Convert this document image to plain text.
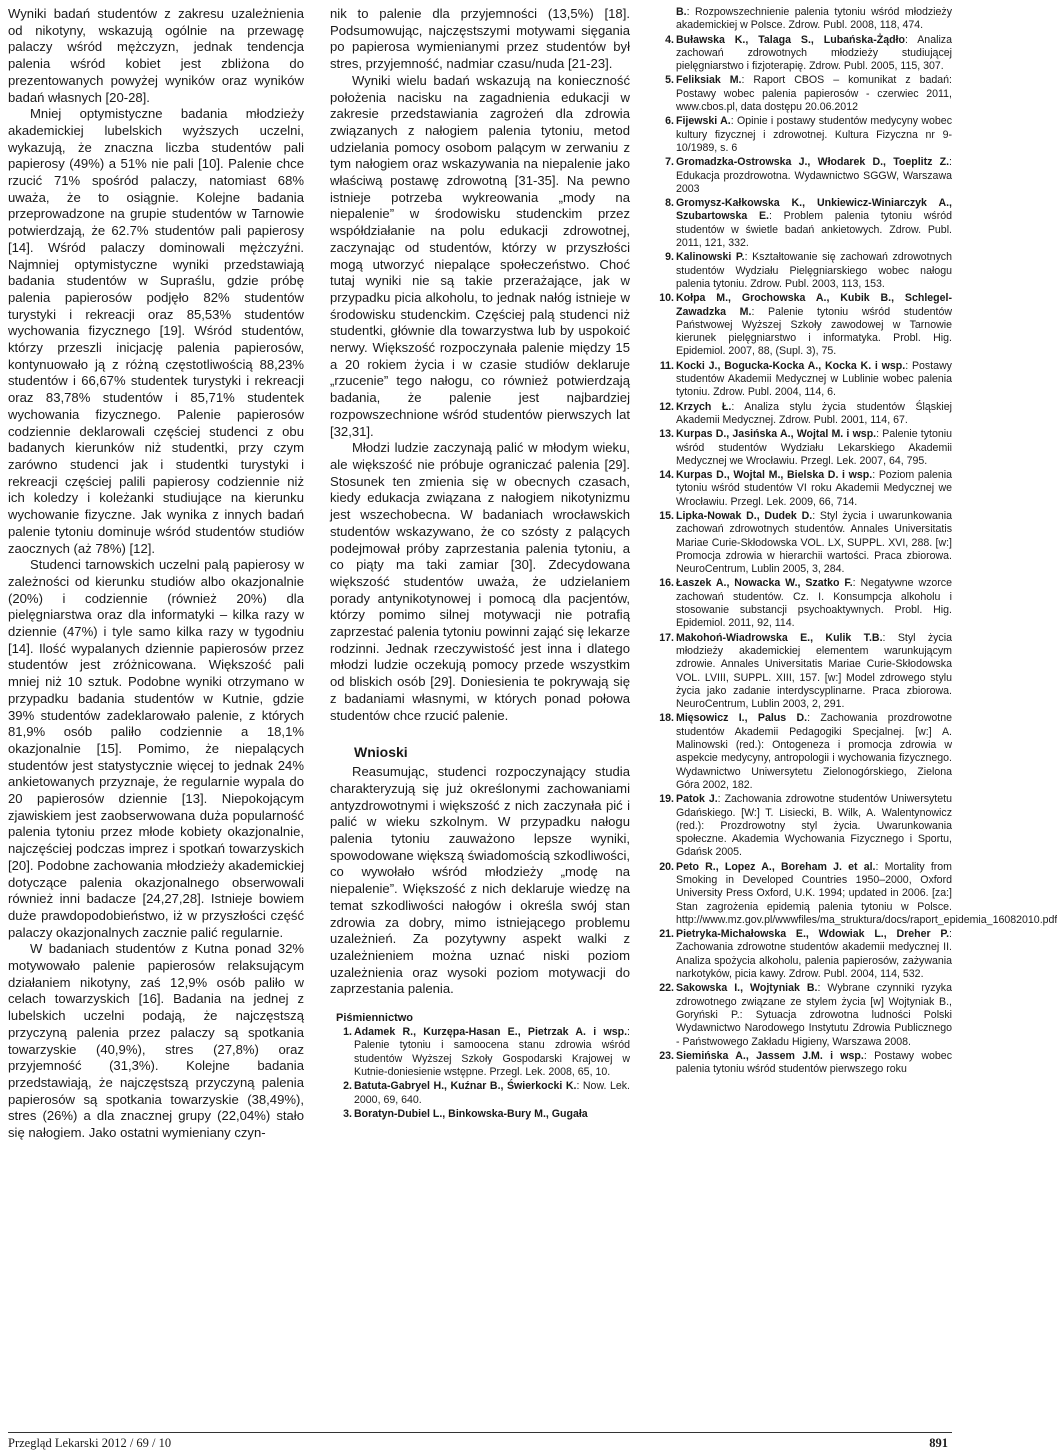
Wyniki badań studentów z zakresu uzależnienia od nikotyny, wskazują ogólnie na przewagę palaczy wśród mężczyzn, jednak tendencja palenia wśród kobiet jest zbliżona do prezentowanych powyżej wyników oraz wyników badań własnych [20-28].

Mniej optymistyczne badania młodzieży akademickiej lubelskich wyższych uczelni, wykazują, że znaczna liczba studentów pali papierosy (49%) a 51% nie pali [10]. Palenie chce rzucić 71% spośród palaczy, natomiast 68% uważa, że to osiągnie. Kolejne badania przeprowadzone na grupie studentów w Tarnowie potwierdzają, że 62.7% studentów pali papierosy [14]. Wśród palaczy dominowali mężczyźni. Najmniej optymistyczne wyniki przedstawiają badania studentów w Supraślu, gdzie próbę palenia papierosów podjęło 82% studentów turystyki i rekreacji oraz 85,53% studentów wychowania fizycznego [19]. Wśród studentów, którzy przeszli inicjację palenia papierosów, kontynuowało ją z różną częstotliwością 88,23% studentów i 66,67% studentek turystyki i rekreacji oraz 83,78% studentów i 85,71% studentek wychowania fizycznego. Palenie papierosów codziennie deklarowali częściej studenci z obu badanych kierunków niż studentki, przy czym zarówno studenci jak i studentki turystyki i rekreacji częściej palili papierosy codziennie niż ich koledzy i koleżanki studiujące na kierunku wychowanie fizyczne. Jak wynika z innych badań palenie tytoniu dominuje wśród studentów studiów zaocznych (aż 78%) [12].

Studenci tarnowskich uczelni palą papierosy w zależności od kierunku studiów albo okazjonalnie (20%) i codziennie (również 20%) dla pielęgniarstwa oraz dla informatyki – kilka razy w dziennie (47%) i tyle samo kilka razy w tygodniu [14]. Ilość wypalanych dziennie papierosów przez studentów jest zróżnicowana. Większość pali mniej niż 10 sztuk. Podobne wyniki otrzymano w przypadku badania studentów w Kutnie, gdzie 39% studentów zadeklarowało palenie, z których 81,9% osób paliło codziennie a 18,1% okazjonalnie [15]. Pomimo, że niepalących studentów jest statystycznie więcej to jednak 24% ankietowanych przyznaje, że regularnie wypala do 20 papierosów dziennie [13]. Niepokojącym zjawiskiem jest zaobserwowana duża popularność palenia tytoniu przez młode kobiety okazjonalnie, najczęściej podczas imprez i spotkań towarzyskich [20]. Podobne zachowania młodzieży akademickiej dotyczące palenia okazjonalnego obserwowali również inni badacze [24,27,28]. Istnieje bowiem duże prawdopodobieństwo, iż w przyszłości część palaczy okazjonalnych zacznie palić regularnie.

W badaniach studentów z Kutna ponad 32% motywowało palenie papierosów relaksującym działaniem nikotyny, zaś 12,9% osób paliło w celach towarzyskich [16]. Badania na jednej z lubelskich uczelni podają, że najczęstszą przyczyną palenia przez palaczy są spotkania towarzyskie (40,9%), stres (27,8%) oraz przyjemność (31,3%). Kolejne badania przedstawiają, że najczęstszą przyczyną palenia papierosów są spotkania towarzyskie (38,49%), stres (26%) a dla znacznej grupy (22,04%) stało się nałogiem. Jako ostatni wymieniany czyn-

nik to palenie dla przyjemności (13,5%) [18]. Podsumowując, najczęstszymi motywami sięgania po papierosa wymienianymi przez studentów był stres, przyjemność, nadmiar czasu/nuda [21-23].

Wyniki wielu badań wskazują na konieczność położenia nacisku na zagadnienia edukacji w zakresie przedstawiania zagrożeń dla zdrowia związanych z nałogiem palenia tytoniu, metod udzielania pomocy osobom palącym w zerwaniu z tym nałogiem oraz wskazywania na niepalenie jako właściwą postawę zdrowotną [31-35]. Na pewno istnieje potrzeba wykreowania „mody na niepalenie” w środowisku studenckim przez współdziałanie na polu edukacji zdrowotnej, zaczynając od studentów, którzy w przyszłości mogą utworzyć niepalące społeczeństwo. Choć tutaj wyniki nie są takie przerażające, jak w przypadku picia alkoholu, to jednak nałóg istnieje w środowisku studenckim. Częściej palą studenci niż studentki, głównie dla towarzystwa lub by uspokoić nerwy. Większość rozpoczynała palenie między 15 a 20 rokiem życia i w czasie studiów deklaruje „rzucenie” tego nałogu, co również potwierdzają badania, że palenie jest najbardziej rozpowszechnione wśród studentów pierwszych lat [32,31].

Młodzi ludzie zaczynają palić w młodym wieku, ale większość nie próbuje ograniczać palenia [29]. Stosunek ten zmienia się w obecnych czasach, kiedy edukacja związana z nałogiem nikotynizmu jest wszechobecna. W badaniach wrocławskich studentów wskazywano, że co szósty z palących podejmował próby zaprzestania palenia tytoniu, a co piąty ma taki zamiar [30]. Zdecydowana większość studentów uważa, że udzielaniem porady antynikotynowej i pomocą dla pacjentów, którzy pomimo silnej motywacji nie potrafią zaprzestać palenia tytoniu powinni zająć się lekarze rodzinni. Jednak rzeczywistość jest inna i dlatego młodzi ludzie oczekują pomocy przede wszystkim od bliskich osób [29]. Doniesienia te pokrywają się z badaniami własnymi, w których ponad połowa studentów chce rzucić palenie.

Wnioski

Reasumując, studenci rozpoczynający studia charakteryzują się już określonymi zachowaniami antyzdrowotnymi i większość z nich zaczynała pić i palić w wieku szkolnym. W przypadku nałogu palenia tytoniu zauważono lepsze wyniki, spowodowane większą świadomością szkodliwości, co wywołało wśród młodzieży „modę na niepalenie”. Większość z nich deklaruje wiedzę na temat szkodliwości nałogów i określa swój stan zdrowia za dobry, mimo istniejącego problemu uzależnień. Za pozytywny aspekt walki z uzależnieniem można uznać niski poziom uzależnienia oraz wysoki poziom motywacji do zaprzestania palenia.

Piśmiennictwo

1. Adamek R., Kurzępa-Hasan E., Pietrzak A. i wsp.: Palenie tytoniu i samoocena stanu zdrowia wśród studentów Wyższej Szkoły Gospodarski Krajowej w Kutnie-doniesienie wstępne. Przegl. Lek. 2008, 65, 10.

2. Batuta-Gabryel H., Kuźnar B., Świerkocki K.: Now. Lek. 2000, 69, 640.

3. Boratyn-Dubiel L., Binkowska-Bury M., Gugała

B.: Rozpowszechnienie palenia tytoniu wśród młodzieży akademickiej w Polsce. Zdrow. Publ. 2008, 118, 474.

4. Buławska K., Talaga S., Lubańska-Żądło: Analiza zachowań zdrowotnych młodzieży studiującej pielęgniarstwo i fizjoterapię. Zdrow. Publ. 2005, 115, 307.

5. Feliksiak M.: Raport CBOS – komunikat z badań: Postawy wobec palenia papierosów - czerwiec 2011, www.cbos.pl, data dostępu 20.06.2012

6. Fijewski A.: Opinie i postawy studentów medycyny wobec kultury fizycznej i zdrowotnej. Kultura Fizyczna nr 9-10/1989, s. 6

7. Gromadzka-Ostrowska J., Włodarek D., Toeplitz Z.: Edukacja prozdrowotna. Wydawnictwo SGGW, Warszawa 2003

8. Gromysz-Kałkowska K., Unkiewicz-Winiarczyk A., Szubartowska E.: Problem palenia tytoniu wśród studentów w świetle badań ankietowych. Zdrow. Publ. 2011, 121, 332.

9. Kalinowski P.: Kształtowanie się zachowań zdrowotnych studentów Wydziału Pielęgniarskiego wobec nałogu palenia tytoniu. Zdrow. Publ. 2003, 113, 153.

10. Kołpa M., Grochowska A., Kubik B., Schlegel-Zawadzka M.: Palenie tytoniu wśród studentów Państwowej Wyższej Szkoły zawodowej w Tarnowie kierunek pielęgniarstwo i informatyka. Probl. Hig. Epidemiol. 2007, 88, (Supl. 3), 75.

11. Kocki J., Bogucka-Kocka A., Kocka K. i wsp.: Postawy studentów Akademii Medycznej w Lublinie wobec palenia tytoniu. Zdrow. Publ. 2004, 114, 6.

12. Krzych Ł.: Analiza stylu życia studentów Śląskiej Akademii Medycznej. Zdrow. Publ. 2001, 114, 67.

13. Kurpas D., Jasińska A., Wojtal M. i wsp.: Palenie tytoniu wśród studentów Wydziału Lekarskiego Akademii Medycznej we Wrocławiu. Przegl. Lek. 2007, 64, 795.

14. Kurpas D., Wojtal M., Bielska D. i wsp.: Poziom palenia tytoniu wśród studentów VI roku Akademii Medycznej we Wrocławiu. Przegl. Lek. 2009, 66, 714.

15. Lipka-Nowak D., Dudek D.: Styl życia i uwarunkowania zachowań zdrowotnych studentów. Annales Universitatis Mariae Curie-Skłodowska VOL. LX, SUPPL. XVI, 288. [w:] Promocja zdrowia w hierarchii wartości. Praca zbiorowa. NeuroCentrum, Lublin 2005, 3, 284.

16. Łaszek A., Nowacka W., Szatko F.: Negatywne wzorce zachowań studentów. Cz. I. Konsumpcja alkoholu i stosowanie substancji psychoaktywnych. Probl. Hig. Epidemiol. 2011, 92, 114.

17. Makohoń-Wiadrowska E., Kulik T.B.: Styl życia młodzieży akademickiej elementem warunkującym zdrowie. Annales Universitatis Mariae Curie-Skłodowska VOL. LVIII, SUPPL. XIII, 157. [w:] Model zdrowego stylu życia jako zadanie interdyscyplinarne. Praca zbiorowa. NeuroCentrum, Lublin 2003, 2, 291.

18. Mięsowicz I., Palus D.: Zachowania prozdrowotne studentów Akademii Pedagogiki Specjalnej. [w:] A. Malinowski (red.): Ontogeneza i promocja zdrowia w aspekcie medycyny, antropologii i wychowania fizycznego. Wydawnictwo Uniwersytetu Zielonogórskiego, Zielona Góra 2002, 182.

19. Patok J.: Zachowania zdrowotne studentów Uniwersytetu Gdańskiego. [W:] T. Lisiecki, B. Wilk, A. Walentynowicz (red.): Prozdrowotny styl życia. Uwarunkowania społeczne. Akademia Wychowania Fizycznego i Sportu, Gdańsk 2005.

20. Peto R., Lopez A., Boreham J. et al.: Mortality from Smoking in Developed Countries 1950–2000, Oxford University Press Oxford, U.K. 1994; updated in 2006. [za:] Stan zagrożenia epidemią palenia tytoniu w Polsce. http://www.mz.gov.pl/wwwfiles/ma_struktura/docs/raport_epidemia_16082010.pdf

21. Pietryka-Michałowska E., Wdowiak L., Dreher P.: Zachowania zdrowotne studentów akademii medycznej II. Analiza spożycia alkoholu, palenia papierosów, zażywania narkotyków, picia kawy. Zdrow. Publ. 2004, 114, 532.

22. Sakowska I., Wojtyniak B.: Wybrane czynniki ryzyka zdrowotnego związane ze stylem życia [w] Wojtyniak B., Goryński P.: Sytuacja zdrowotna ludności Polski Wydawnictwo Narodowego Instytutu Zdrowia Publicznego - Państwowego Zakładu Higieny, Warszawa 2008.

23. Siemińska A., Jassem J.M. i wsp.: Postawy wobec palenia tytoniu wśród studentów pierwszego roku

Przegląd Lekarski 2012 / 69 / 10	891
